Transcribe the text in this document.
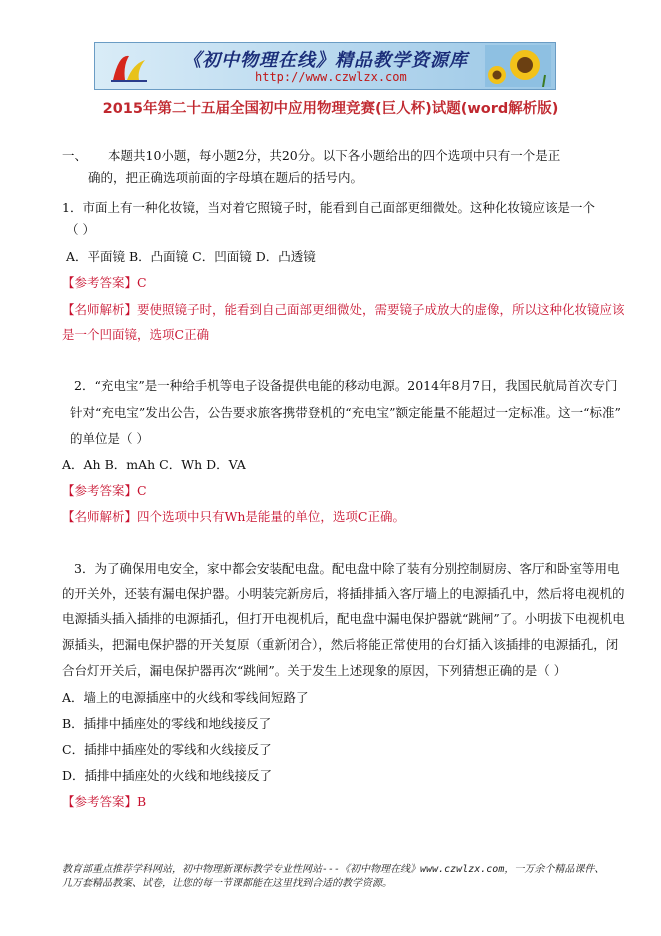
《初中物理在线》精品教学资源库
http://www.czwlzx.com
2015年第二十五届全国初中应用物理竞赛(巨人杯)试题(word解析版)
一、 本题共10小题，每小题2分，共20分。以下各小题给出的四个选项中只有一个是正
确的，把正确选项前面的字母填在题后的括号内。
1．市面上有一种化妆镜，当对着它照镜子时，能看到自己面部更细微处。这种化妆镜应该是一个
（ ）
A．平面镜 B．凸面镜 C．凹面镜 D．凸透镜
【参考答案】C
【名师解析】要使照镜子时，能看到自己面部更细微处，需要镜子成放大的虚像，所以这种化妆镜应该
是一个凹面镜，选项C正确
2．“充电宝”是一种给手机等电子设备提供电能的移动电源。2014年8月7日，我国民航局首次专门
针对“充电宝”发出公告，公告要求旅客携带登机的“充电宝”额定能量不能超过一定标准。这一“标准”
的单位是（ ）
A．Ah B．mAh C．Wh D．VA
【参考答案】C
【名师解析】四个选项中只有Wh是能量的单位，选项C正确。
3．为了确保用电安全，家中都会安装配电盘。配电盘中除了装有分别控制厨房、客厅和卧室等用电
的开关外，还装有漏电保护器。小明装完新房后，将插排插入客厅墙上的电源插孔中，然后将电视机的
电源插头插入插排的电源插孔，但打开电视机后，配电盘中漏电保护器就“跳闸”了。小明拔下电视机电
源插头，把漏电保护器的开关复原（重新闭合），然后将能正常使用的台灯插入该插排的电源插孔，闭
合台灯开关后，漏电保护器再次“跳闸”。关于发生上述现象的原因，下列猜想正确的是（ ）
A．墙上的电源插座中的火线和零线间短路了
B．插排中插座处的零线和地线接反了
C．插排中插座处的零线和火线接反了
D．插排中插座处的火线和地线接反了
【参考答案】B
教育部重点推荐学科网站，初中物理新课标教学专业性网站---《初中物理在线》www.czwlzx.com，一万余个精品课件、
几万套精品教案、试卷，让您的每一节课都能在这里找到合适的教学资源。
